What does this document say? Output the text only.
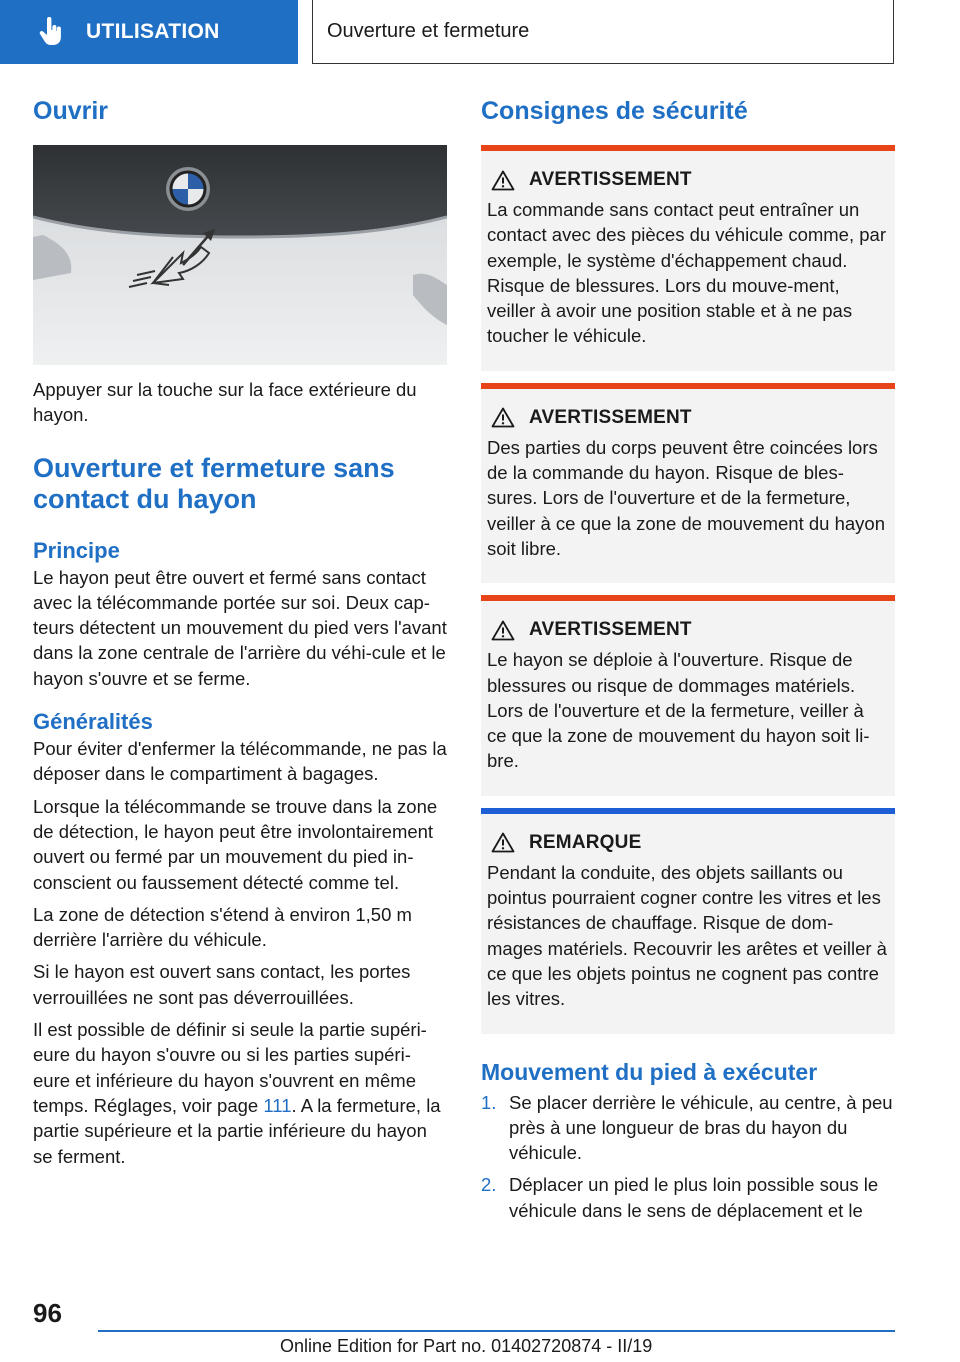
UTILISATION	Ouverture et fermeture
Ouvrir

Appuyer sur la touche sur la face extérieure du hayon.

Ouverture et fermeture sans contact du hayon
Principe

Le hayon peut être ouvert et fermé sans contact avec la télécommande portée sur soi. Deux cap-teurs détectent un mouvement du pied vers l'avant dans la zone centrale de l'arrière du véhi-cule et le hayon s'ouvre et se ferme.

Généralités

Pour éviter d'enfermer la télécommande, ne pas la déposer dans le compartiment à bagages.

Lorsque la télécommande se trouve dans la zone de détection, le hayon peut être involontairement ouvert ou fermé par un mouvement du pied in-conscient ou faussement détecté comme tel.

La zone de détection s'étend à environ 1,50 m derrière l'arrière du véhicule.

Si le hayon est ouvert sans contact, les portes verrouillées ne sont pas déverrouillées.

Il est possible de définir si seule la partie supéri-eure du hayon s'ouvre ou si les parties supéri-eure et inférieure du hayon s'ouvrent en même temps. Réglages, voir page 111. A la fermeture, la partie supérieure et la partie inférieure du hayon se ferment.

Consignes de sécurité
AVERTISSEMENT

La commande sans contact peut entraîner un contact avec des pièces du véhicule comme, par exemple, le système d'échappement chaud. Risque de blessures. Lors du mouve-ment, veiller à avoir une position stable et à ne pas toucher le véhicule.

AVERTISSEMENT

Des parties du corps peuvent être coincées lors de la commande du hayon. Risque de bles-sures. Lors de l'ouverture et de la fermeture, veiller à ce que la zone de mouvement du hayon soit libre.

AVERTISSEMENT

Le hayon se déploie à l'ouverture. Risque de blessures ou risque de dommages matériels. Lors de l'ouverture et de la fermeture, veiller à ce que la zone de mouvement du hayon soit li-bre.

REMARQUE

Pendant la conduite, des objets saillants ou pointus pourraient cogner contre les vitres et les résistances de chauffage. Risque de dom-mages matériels. Recouvrir les arêtes et veiller à ce que les objets pointus ne cognent pas contre les vitres.

Mouvement du pied à exécuter
1. Se placer derrière le véhicule, au centre, à peu près à une longueur de bras du hayon du véhicule.

2. Déplacer un pied le plus loin possible sous le véhicule dans le sens de déplacement et le

96
Online Edition for Part no. 01402720874 - II/19
